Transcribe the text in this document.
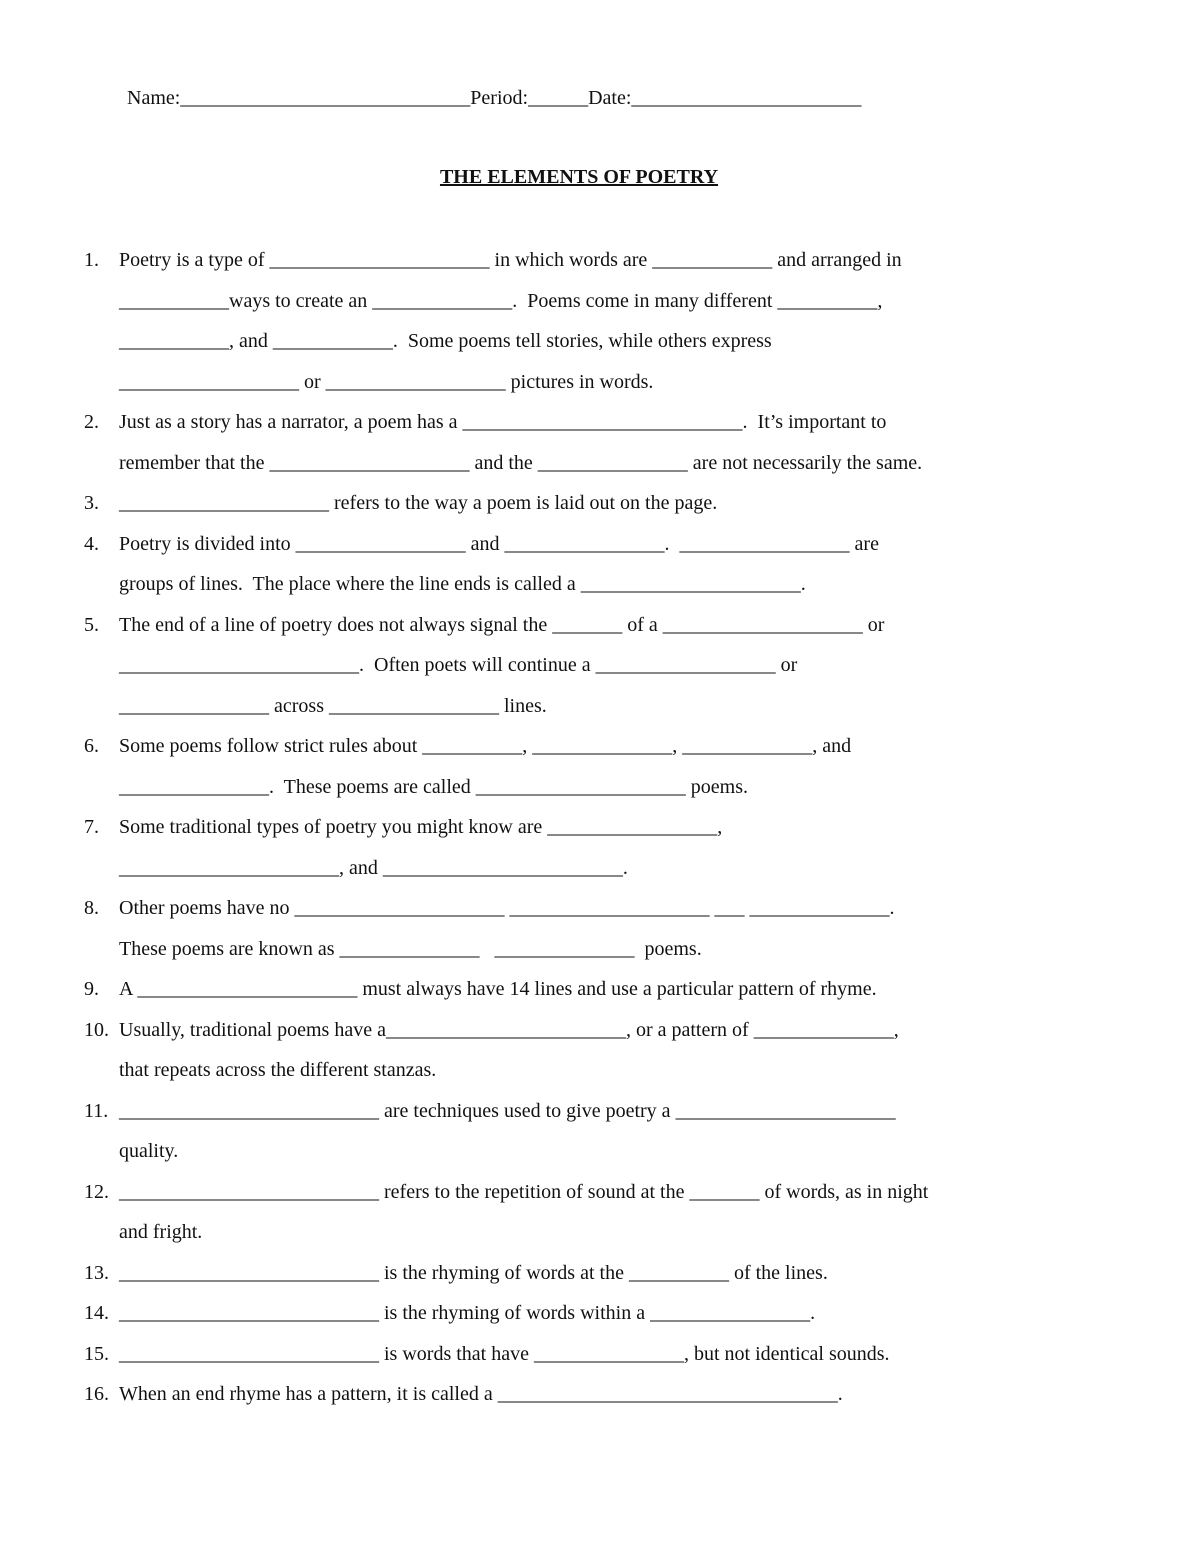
Name:_____________________________Period:______Date:_______________________
THE ELEMENTS OF POETRY
1.	Poetry is a type of ______________________ in which words are ____________ and arranged in
___________ways to create an ______________.  Poems come in many different __________,
___________, and ____________.  Some poems tell stories, while others express
__________________ or __________________ pictures in words.
2.	Just as a story has a narrator, a poem has a ____________________________.  It’s important to
remember that the ____________________ and the _______________ are not necessarily the same.
3.	_____________________ refers to the way a poem is laid out on the page.
4.	Poetry is divided into _________________ and ________________.  _________________ are
groups of lines.  The place where the line ends is called a ______________________.
5.	The end of a line of poetry does not always signal the _______ of a ____________________ or
________________________.  Often poets will continue a __________________ or
_______________ across _________________ lines.
6.	Some poems follow strict rules about __________, ______________, _____________, and
_______________.  These poems are called _____________________ poems.
7.	Some traditional types of poetry you might know are _________________,
______________________, and ________________________.
8.	Other poems have no _____________________ ____________________ ___ ______________.
These poems are known as ______________   ______________  poems.
9.	A ______________________ must always have 14 lines and use a particular pattern of rhyme.
10. Usually, traditional poems have a________________________, or a pattern of ______________,
that repeats across the different stanzas.
11. __________________________ are techniques used to give poetry a ______________________
quality.
12. __________________________ refers to the repetition of sound at the _______ of words, as in night
and fright.
13. __________________________ is the rhyming of words at the __________ of the lines.
14. __________________________ is the rhyming of words within a ________________.
15. __________________________ is words that have _______________, but not identical sounds.
16. When an end rhyme has a pattern, it is called a __________________________________.
